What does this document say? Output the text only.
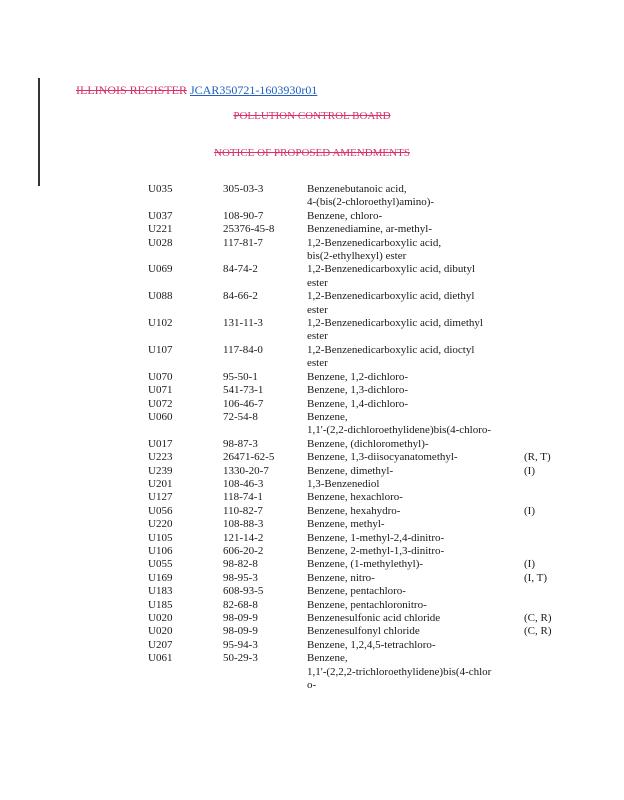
ILLINOIS REGISTER JCAR350721-1603930r01
POLLUTION CONTROL BOARD
NOTICE OF PROPOSED AMENDMENTS
U035	305-03-3	Benzenebutanoic acid,
4-(bis(2-chloroethyl)amino)-	

U037	108-90-7	Benzene, chloro-	

U221	25376-45-8	Benzenediamine, ar-methyl-	

U028	117-81-7	1,2-Benzenedicarboxylic acid,
bis(2-ethylhexyl) ester	

U069	84-74-2	1,2-Benzenedicarboxylic acid, dibutyl
ester	

U088	84-66-2	1,2-Benzenedicarboxylic acid, diethyl
ester	

U102	131-11-3	1,2-Benzenedicarboxylic acid, dimethyl
ester	

U107	117-84-0	1,2-Benzenedicarboxylic acid, dioctyl
ester	

U070	95-50-1	Benzene, 1,2-dichloro-	

U071	541-73-1	Benzene, 1,3-dichloro-	

U072	106-46-7	Benzene, 1,4-dichloro-	

U060	72-54-8	Benzene,
1,1'-(2,2-dichloroethylidene)bis(4-chloro-	

U017	98-87-3	Benzene, (dichloromethyl)-	

U223	26471-62-5	Benzene, 1,3-diisocyanatomethyl-	(R, T)
U239	1330-20-7	Benzene, dimethyl-	(I)
U201	108-46-3	1,3-Benzenediol	

U127	118-74-1	Benzene, hexachloro-	

U056	110-82-7	Benzene, hexahydro-	(I)
U220	108-88-3	Benzene, methyl-	

U105	121-14-2	Benzene, 1-methyl-2,4-dinitro-	

U106	606-20-2	Benzene, 2-methyl-1,3-dinitro-	

U055	98-82-8	Benzene, (1-methylethyl)-	(I)
U169	98-95-3	Benzene, nitro-	(I, T)
U183	608-93-5	Benzene, pentachloro-	

U185	82-68-8	Benzene, pentachloronitro-	

U020	98-09-9	Benzenesulfonic acid chloride	(C, R)
U020	98-09-9	Benzenesulfonyl chloride	(C, R)
U207	95-94-3	Benzene, 1,2,4,5-tetrachloro-	

U061	50-29-3	Benzene,
1,1'-(2,2,2-trichloroethylidene)bis(4-chlor
o-	
